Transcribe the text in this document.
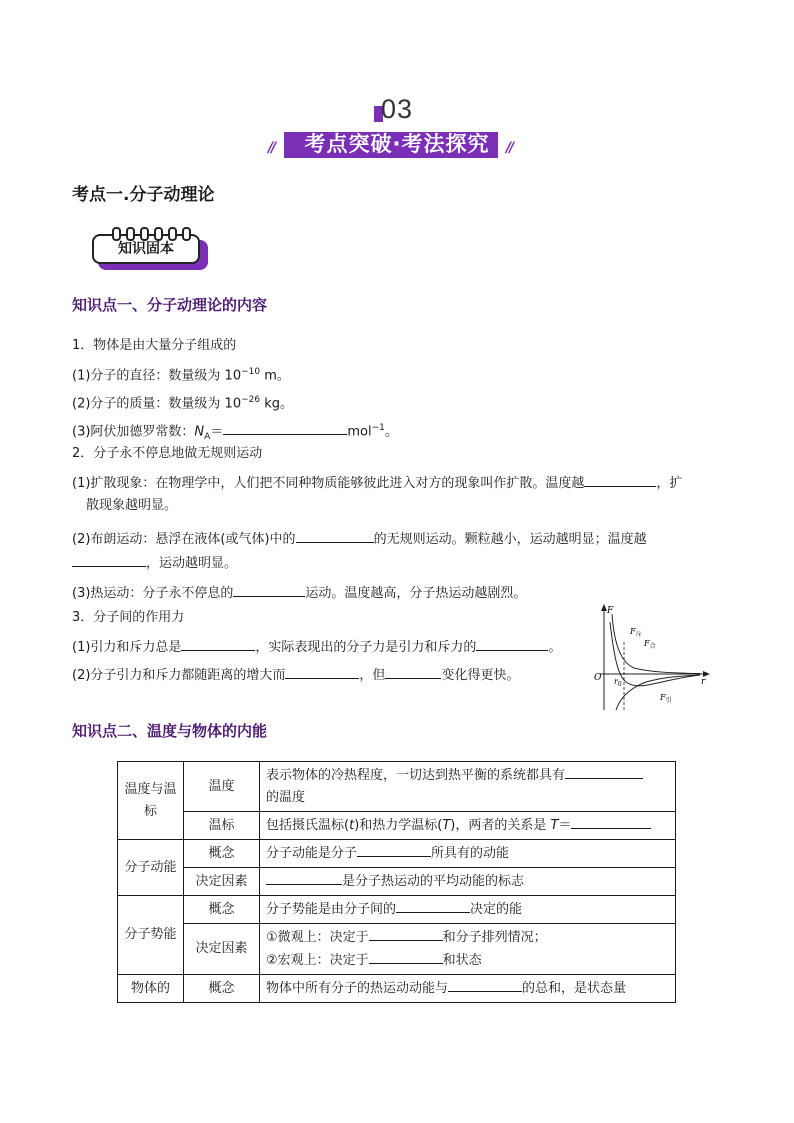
03
//	考点突破·考法探究	//
考点一.分子动理论
知识固本
知识点一、分子动理论的内容
1．物体是由大量分子组成的
(1)分子的直径：数量级为 $10^{-10}$ m。
(2)分子的质量：数量级为 $10^{-26}$ kg。
(3)阿伏加德罗常数：$N_A=$	mol$^{-1}$。
2．分子永不停息地做无规则运动
(1)扩散现象：在物理学中，人们把不同种物质能够彼此进入对方的现象叫作扩散。温度越	，扩
散现象越明显。
(2)布朗运动：悬浮在液体(或气体)中的	的无规则运动。颗粒越小，运动越明显；温度越
，运动越明显。
(3)热运动：分子永不停息的	运动。温度越高，分子热运动越剧烈。
3．分子间的作用力
(1)引力和斥力总是	，实际表现出的分子力是引力和斥力的	。
(2)分子引力和斥力都随距离的增大而	，但	变化得更快。
F
O	r
$r_0$
$F_斥$
$F_合$
$F_引$
知识点二、温度与物体的内能
温度与温标	温度	表示物体的冷热程度，一切达到热平衡的系统都具有
的温度
	温标	包括摄氏温标(t)和热力学温标(T)，两者的关系是 T＝
分子动能	概念	分子动能是分子 所具有的动能
	决定因素	是分子热运动的平均动能的标志
分子势能	概念	分子势能是由分子间的 决定的能
	决定因素	①微观上：决定于 和分子排列情况；
②宏观上：决定于 和状态
物体的	概念	物体中所有分子的热运动动能与 的总和，是状态量
